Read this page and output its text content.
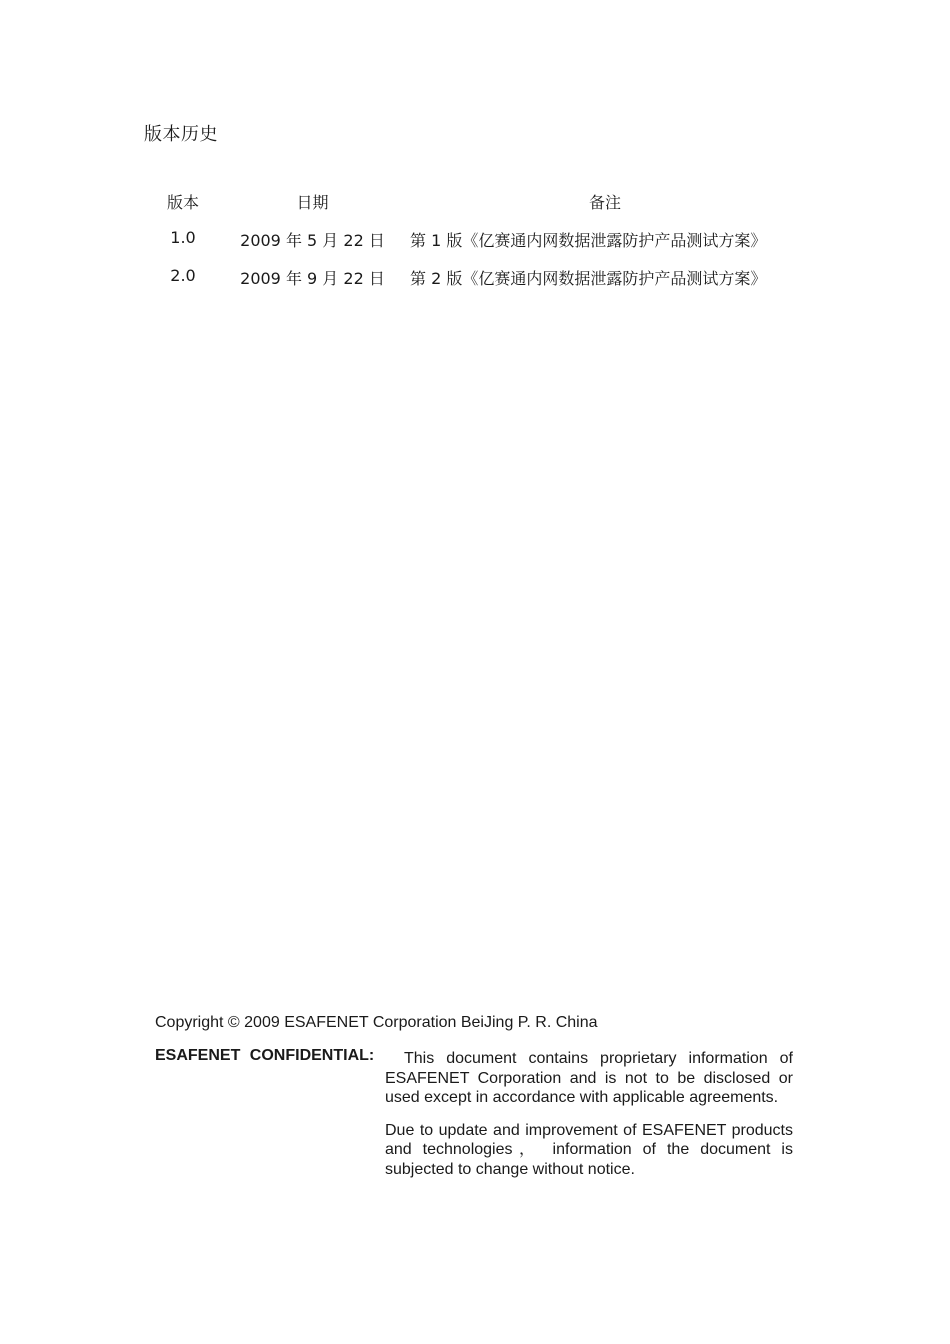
版本历史
版本	日期	备注
1.0	2009 年 5 月 22 日	第 1 版《亿赛通内网数据泄露防护产品测试方案》
2.0	2009 年 9 月 22 日	第 2 版《亿赛通内网数据泄露防护产品测试方案》
Copyright © 2009 ESAFENET Corporation BeiJing P. R. China
ESAFENET CONFIDENTIAL:	This document contains proprietary information of ESAFENET Corporation and is not to be disclosed or used except in accordance with applicable agreements.

Due to update and improvement of ESAFENET products and technologies， information of the document is subjected to change without notice.
